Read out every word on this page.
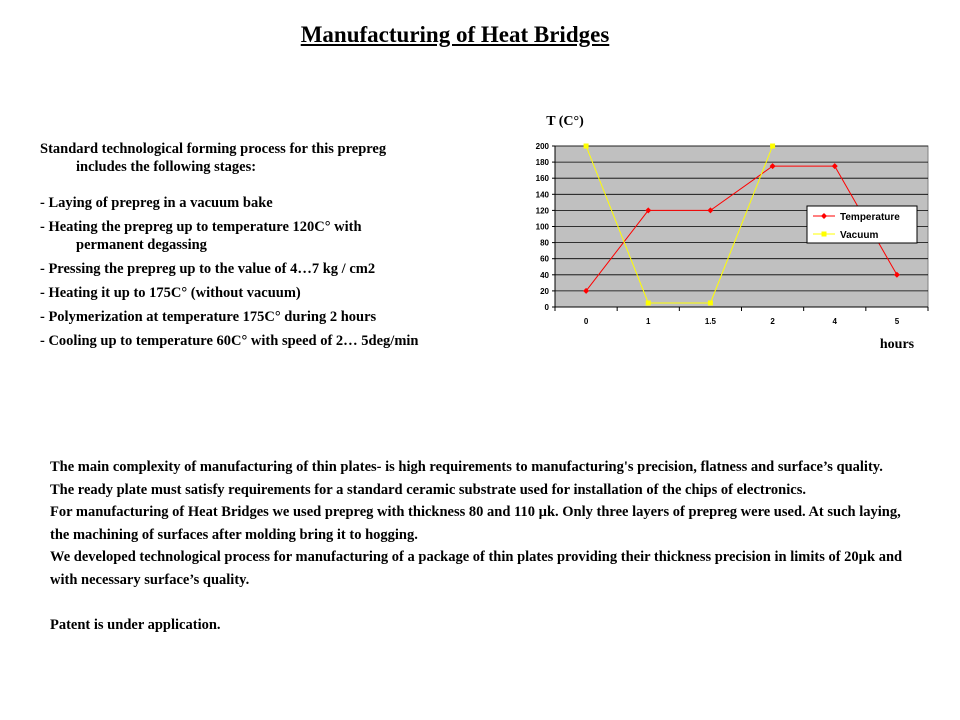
Manufacturing of Heat Bridges
Standard technological forming process for this prepreg
includes the following stages:
- Laying of prepreg in a vacuum bake
- Heating the prepreg up to temperature 120C° with
permanent degassing
- Pressing the prepreg up to the value of 4…7 kg / cm2
- Heating it up to 175C° (without vacuum)
- Polymerization at temperature 175C° during 2 hours
- Cooling up to temperature 60C° with speed of 2… 5deg/min
0
20
40
60
80
100
120
140
160
180
200
0	1	1.5	2	4	5
Temperature
Vacuum
T (C°)
hours

The main complexity of manufacturing of thin plates- is high requirements to manufacturing's precision, flatness and surface’s quality. The ready plate must satisfy requirements for a standard ceramic substrate used for installation of the chips of electronics.

For manufacturing of Heat Bridges we used prepreg with thickness 80 and 110 µk. Only three layers of prepreg were used. At such laying, the machining of surfaces after molding bring it to hogging.

We developed technological process for manufacturing of a package of thin plates providing their thickness precision in limits of 20µk and with necessary surface’s quality.

Patent is under application.
